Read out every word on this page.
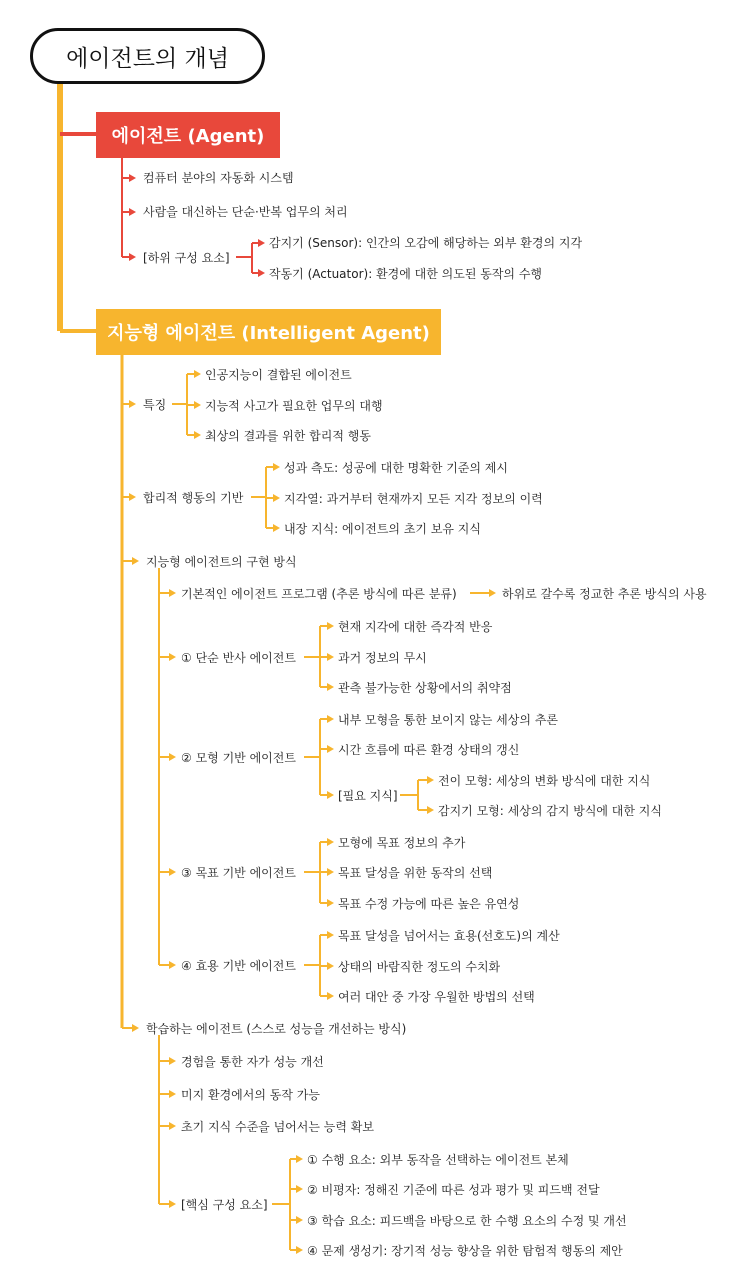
에이전트의 개념
에이전트 (Agent)
지능형 에이전트 (Intelligent Agent)
컴퓨터 분야의 자동화 시스템
사람을 대신하는 단순·반복 업무의 처리
[하위 구성 요소]
감지기 (Sensor): 인간의 오감에 해당하는 외부 환경의 지각
작동기 (Actuator): 환경에 대한 의도된 동작의 수행
특징
인공지능이 결합된 에이전트
지능적 사고가 필요한 업무의 대행
최상의 결과를 위한 합리적 행동
합리적 행동의 기반
성과 측도: 성공에 대한 명확한 기준의 제시
지각열: 과거부터 현재까지 모든 지각 정보의 이력
내장 지식: 에이전트의 초기 보유 지식
지능형 에이전트의 구현 방식
기본적인 에이전트 프로그램 (추론 방식에 따른 분류)	하위로 갈수록 정교한 추론 방식의 사용
① 단순 반사 에이전트
현재 지각에 대한 즉각적 반응
과거 정보의 무시
관측 불가능한 상황에서의 취약점
② 모형 기반 에이전트
내부 모형을 통한 보이지 않는 세상의 추론
시간 흐름에 따른 환경 상태의 갱신
[필요 지식]
전이 모형: 세상의 변화 방식에 대한 지식
감지기 모형: 세상의 감지 방식에 대한 지식
③ 목표 기반 에이전트
모형에 목표 정보의 추가
목표 달성을 위한 동작의 선택
목표 수정 가능에 따른 높은 유연성
④ 효용 기반 에이전트
목표 달성을 넘어서는 효용(선호도)의 계산
상태의 바람직한 정도의 수치화
여러 대안 중 가장 우월한 방법의 선택
학습하는 에이전트 (스스로 성능을 개선하는 방식)
경험을 통한 자가 성능 개선
미지 환경에서의 동작 가능
초기 지식 수준을 넘어서는 능력 확보
[핵심 구성 요소]
① 수행 요소: 외부 동작을 선택하는 에이전트 본체
② 비평자: 정해진 기준에 따른 성과 평가 및 피드백 전달
③ 학습 요소: 피드백을 바탕으로 한 수행 요소의 수정 및 개선
④ 문제 생성기: 장기적 성능 향상을 위한 탐험적 행동의 제안
